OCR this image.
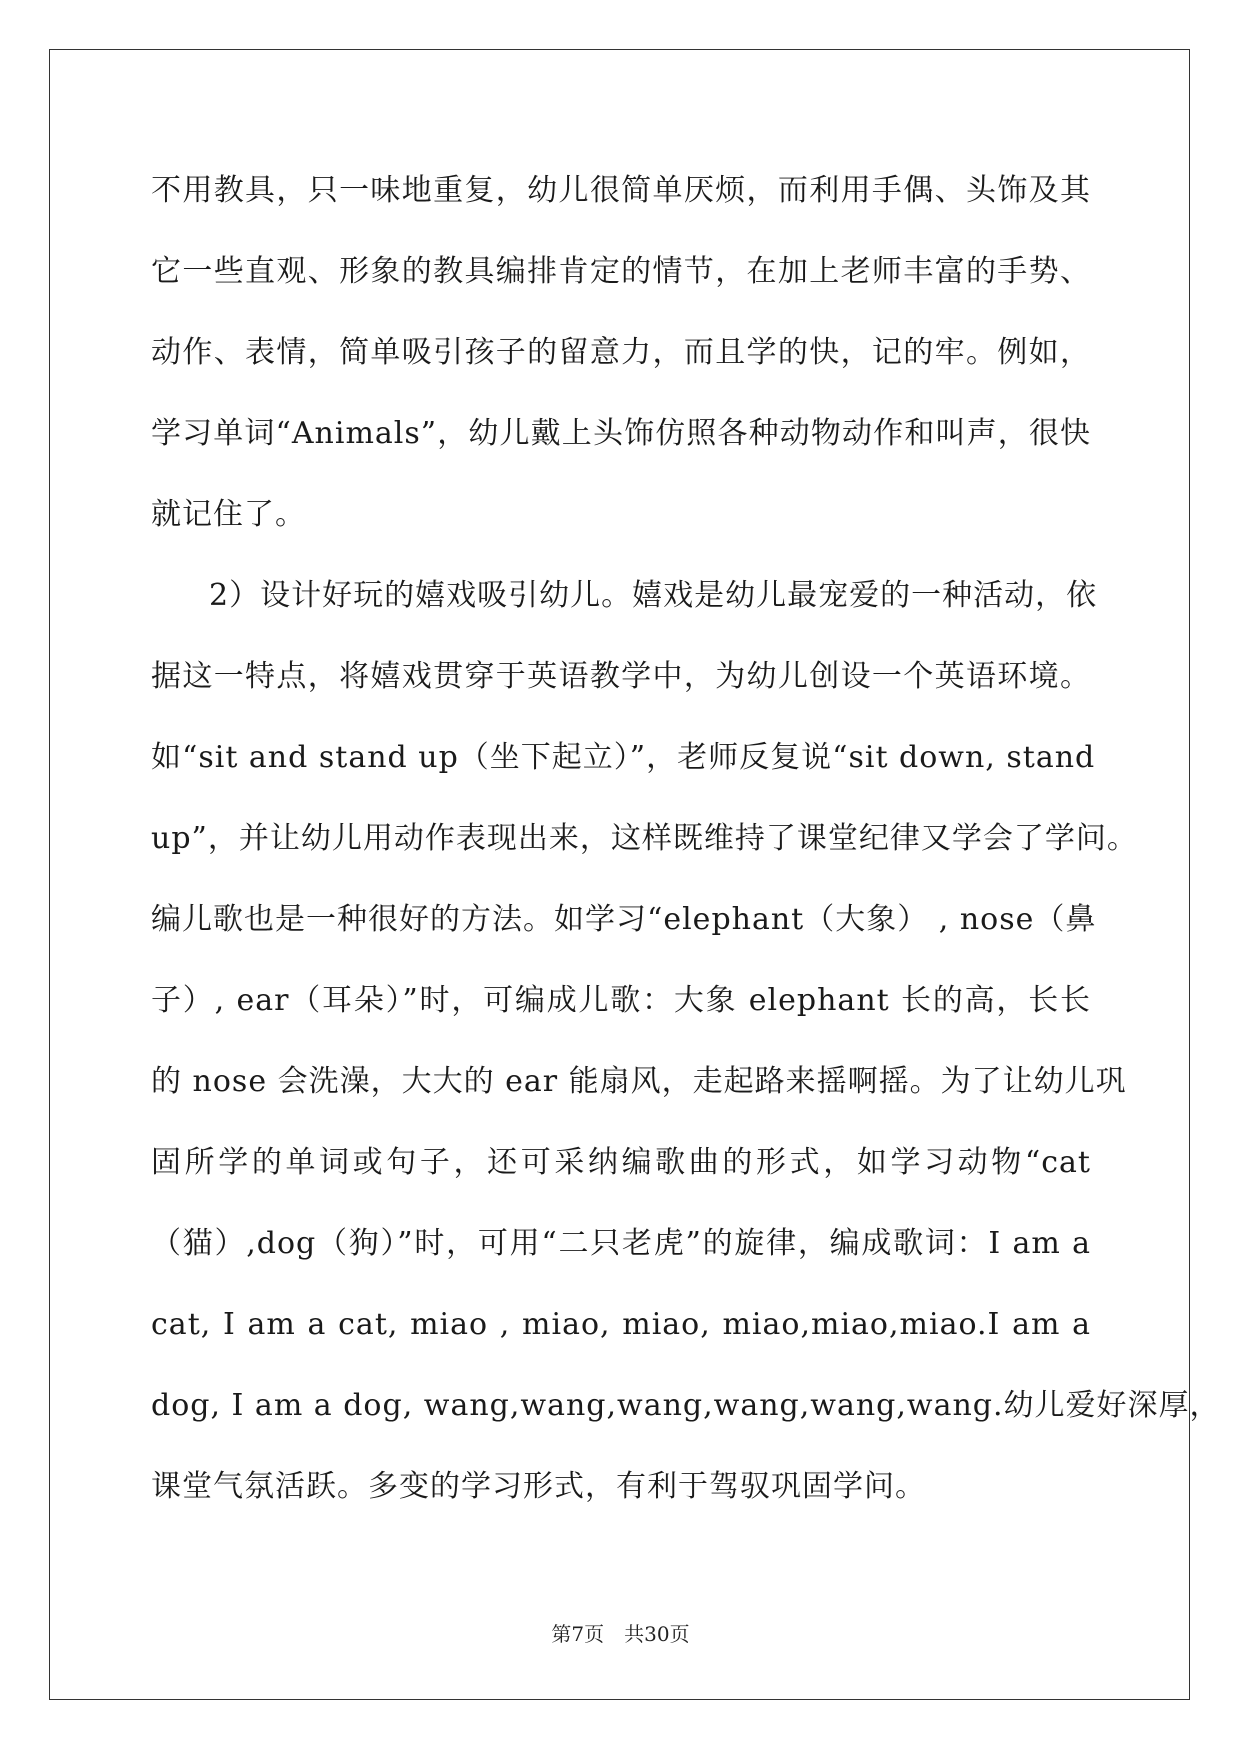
不用教具，只一味地重复，幼儿很简单厌烦，而利用手偶、头饰及其
它一些直观、形象的教具编排肯定的情节，在加上老师丰富的手势、
动作、表情，简单吸引孩子的留意力，而且学的快，记的牢。例如，
学习单词“Animals”，幼儿戴上头饰仿照各种动物动作和叫声，很快
就记住了。
2）设计好玩的嬉戏吸引幼儿。嬉戏是幼儿最宠爱的一种活动，依
据这一特点，将嬉戏贯穿于英语教学中，为幼儿创设一个英语环境。
如“sit and stand up（坐下起立）”，老师反复说“sit down, stand
up”，并让幼儿用动作表现出来，这样既维持了课堂纪律又学会了学问。
编儿歌也是一种很好的方法。如学习“elephant（大象） , nose（鼻
子）, ear（耳朵）”时，可编成儿歌：大象 elephant 长的高，长长
的 nose 会洗澡，大大的 ear 能扇风，走起路来摇啊摇。为了让幼儿巩
固所学的单词或句子，还可采纳编歌曲的形式，如学习动物“cat
（猫）,dog（狗）”时，可用“二只老虎”的旋律，编成歌词：I am a
cat, I am a cat, miao , miao, miao, miao,miao,miao.I am a
dog, I am a dog, wang,wang,wang,wang,wang,wang.幼儿爱好深厚，
课堂气氛活跃。多变的学习形式，有利于驾驭巩固学问。
第7页　共30页
